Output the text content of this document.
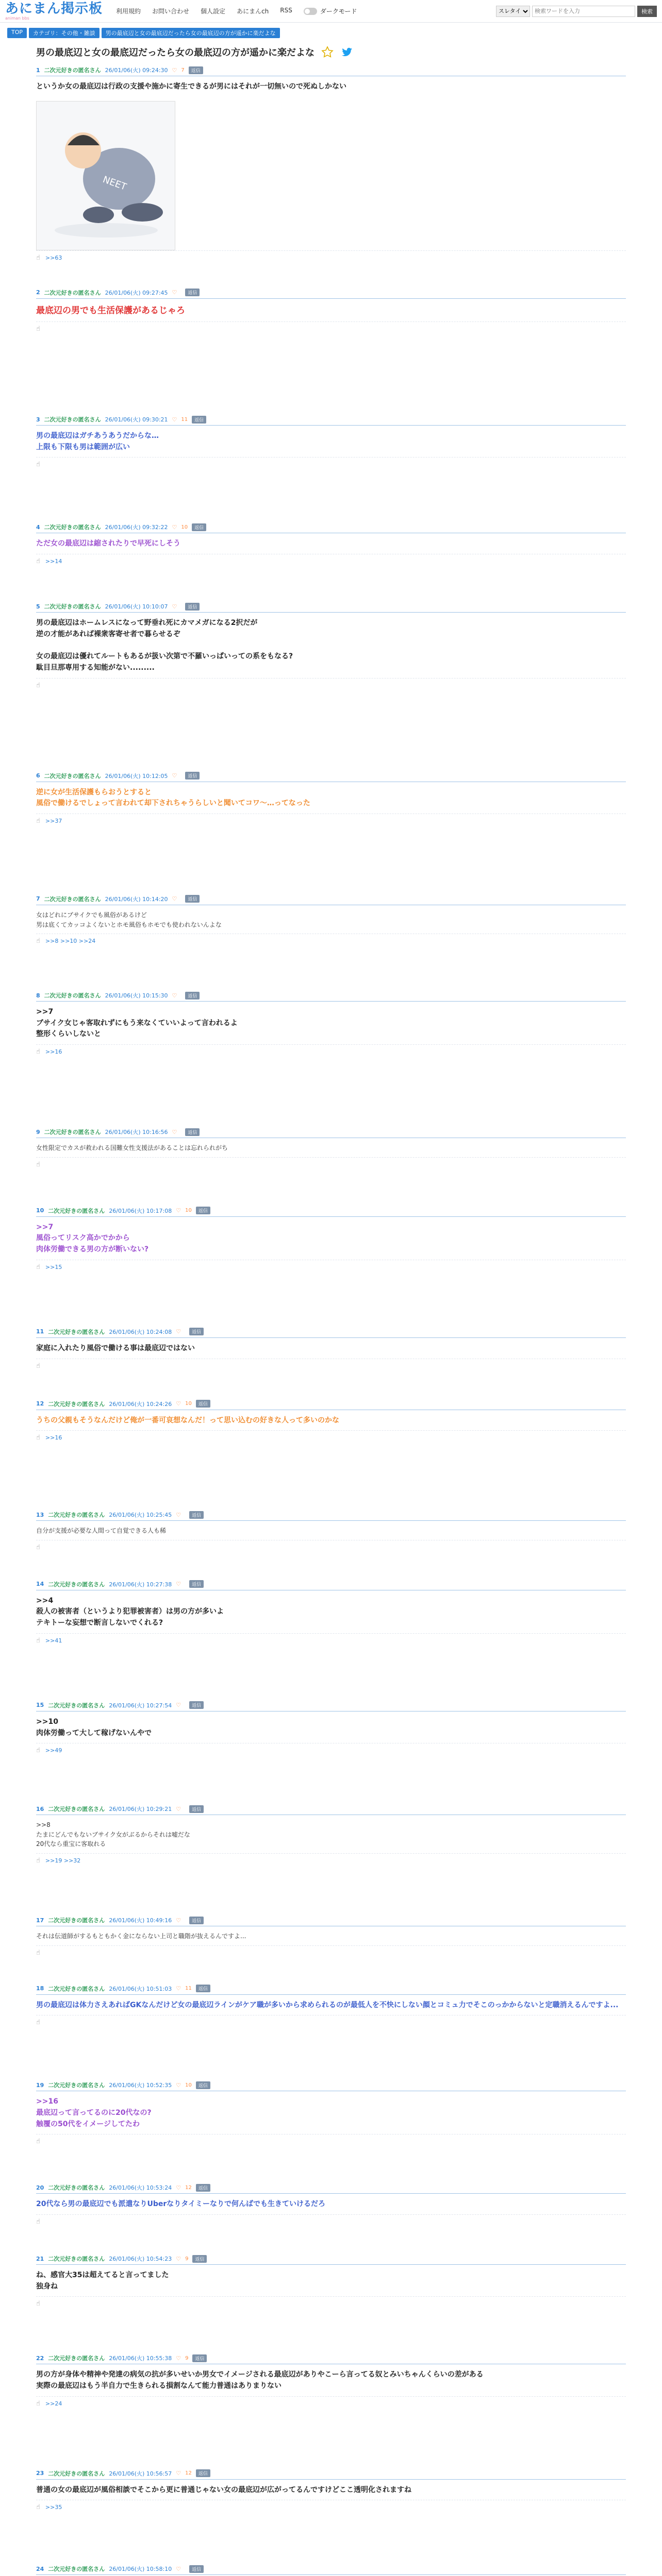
あにまん掲示板
animan bbs
利用規約 お問い合わせ 個人設定 あにまんch RSS	ダークモード
スレタイ
検索ワードを入力	検索
TOP	カテゴリ：その他・雑談	男の最底辺と女の最底辺だったら女の最底辺の方が遥かに楽だよな
男の最底辺と女の最底辺だったら女の最底辺の方が遥かに楽だよな
1 二次元好きの匿名さん 26/01/06(火) 09:24:30 ♡ 7	返信
というか女の最底辺は行政の支援や施かに寄生できるが男にはそれが一切無いので死ぬしかない
NEET
☝ >>63
2 二次元好きの匿名さん 26/01/06(火) 09:27:45 ♡	返信
最底辺の男でも生活保護があるじゃろ
☝
3 二次元好きの匿名さん 26/01/06(火) 09:30:21 ♡ 11	返信
男の最底辺はガチあうあうだからな…
上限も下限も男は範囲が広い
☝
4 二次元好きの匿名さん 26/01/06(火) 09:32:22 ♡ 10	返信
ただ女の最底辺は縮されたりで早死にしそう
☝ >>14
5 二次元好きの匿名さん 26/01/06(火) 10:10:07 ♡	返信
男の最底辺はホームレスになって野垂れ死にカマメガになる2択だが
逆の才能があれば裸衆客寄せ者で暮らせるぞ

女の最底辺は優れてルートもあるが扱い次第で不羅いっぱいっての系をもなる?
駄目旦那専用する知能がない.........
☝
6 二次元好きの匿名さん 26/01/06(火) 10:12:05 ♡	返信
逆に女が生活保護もらおうとすると
風俗で働けるでしょって言われて却下されちゃうらしいと聞いてコワ〜…ってなった
☝ >>37
7 二次元好きの匿名さん 26/01/06(火) 10:14:20 ♡	返信
女はどれにブサイクでも風俗があるけど
男は底くてカッコよくないとホモ風俗もホモでも使われないんよな
☝ >>8 >>10 >>24
8 二次元好きの匿名さん 26/01/06(火) 10:15:30 ♡	返信
>>7
ブサイク女じゃ客取れずにもう来なくていいよって言われるよ
整形くらいしないと
☝ >>16
9 二次元好きの匿名さん 26/01/06(火) 10:16:56 ♡	返信
女性限定でカスが救われる国難女性支援法があることは忘れられがち
☝
10 二次元好きの匿名さん 26/01/06(火) 10:17:08 ♡ 10	返信
>>7
風俗ってリスク高かでかから
肉体労働できる男の方が断いない?
☝ >>15
11 二次元好きの匿名さん 26/01/06(火) 10:24:08 ♡	返信
家庭に入れたり風俗で働ける事は最底辺ではない
☝
12 二次元好きの匿名さん 26/01/06(火) 10:24:26 ♡ 10	返信
うちの父親もそうなんだけど俺が一番可哀想なんだ！って思い込むの好きな人って多いのかな
☝ >>16
13 二次元好きの匿名さん 26/01/06(火) 10:25:45 ♡	返信
自分が支援が必要な人間って自覚できる人も稀
☝
14 二次元好きの匿名さん 26/01/06(火) 10:27:38 ♡	返信
>>4
殺人の被害者（というより犯罪被害者）は男の方が多いよ
テキトーな妄想で断言しないでくれる?
☝ >>41
15 二次元好きの匿名さん 26/01/06(火) 10:27:54 ♡	返信
>>10
肉体労働って大して稼げないんやで
☝ >>49
16 二次元好きの匿名さん 26/01/06(火) 10:29:21 ♡	返信
>>8
たまにどんでもないブサイク女がぶるからそれは嘘だな
20代なら重宝に客取れる
☝ >>19 >>32
17 二次元好きの匿名さん 26/01/06(火) 10:49:16 ♡	返信
それは伝道師がするもともかく金にならない上司と職階が抜えるんですよ...
☝
18 二次元好きの匿名さん 26/01/06(火) 10:51:03 ♡ 11	返信
男の最底辺は体力さえあればGKなんだけど女の最底辺ラインがケア職が多いから求められるのが最低人を不快にしない顔とコミュ力でそこのっかからないと定職消えるんですよ...
☝
19 二次元好きの匿名さん 26/01/06(火) 10:52:35 ♡ 10	返信
>>16
最底辺って言ってるのに20代なの?
触覆の50代をイメージしてたわ
☝
20 二次元好きの匿名さん 26/01/06(火) 10:53:24 ♡ 12	返信
20代なら男の最底辺でも派遣なりUberなりタイミーなりで何んばでも生きていけるだろ
☝
21 二次元好きの匿名さん 26/01/06(火) 10:54:23 ♡ 9	返信
ね、感官大35は超えてると言ってました
独身ね
☝
22 二次元好きの匿名さん 26/01/06(火) 10:55:38 ♡ 9	返信
男の方が身体や精神や発達の病気の抗が多いせいか男女でイメージされる最底辺がありやこーら言ってる奴とみいちゃんくらいの差がある
実際の最底辺はもう半自力で生きられる損割なんて能力普通はありまりない
☝ >>24
23 二次元好きの匿名さん 26/01/06(火) 10:56:57 ♡ 12	返信
普通の女の最底辺が風俗相談でそこから更に普通じゃない女の最底辺が広がってるんですけどここ透明化されますね
☝ >>35
24 二次元好きの匿名さん 26/01/06(火) 10:58:10 ♡	返信
